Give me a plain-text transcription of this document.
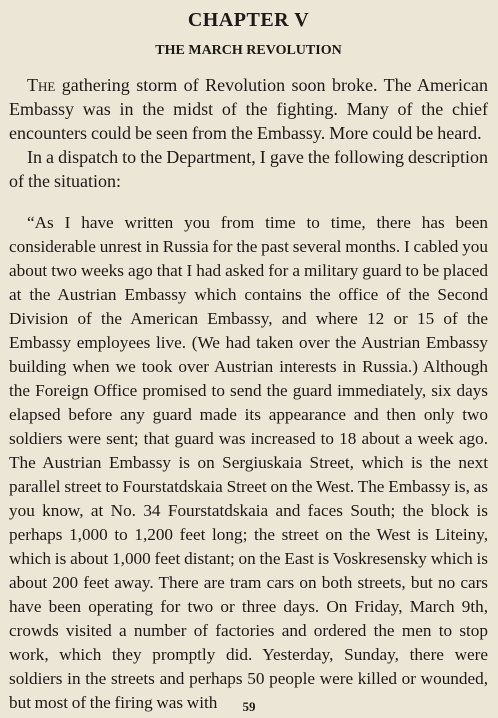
CHAPTER V
THE MARCH REVOLUTION

The gathering storm of Revolution soon broke. The American Embassy was in the midst of the fighting. Many of the chief encounters could be seen from the Embassy. More could be heard.

In a dispatch to the Department, I gave the following description of the situation:

“As I have written you from time to time, there has been considerable unrest in Russia for the past several months. I cabled you about two weeks ago that I had asked for a military guard to be placed at the Austrian Embassy which contains the office of the Second Division of the American Embassy, and where 12 or 15 of the Embassy employees live. (We had taken over the Austrian Embassy building when we took over Austrian interests in Russia.) Although the Foreign Office promised to send the guard immediately, six days elapsed before any guard made its appearance and then only two soldiers were sent; that guard was increased to 18 about a week ago. The Austrian Embassy is on Sergiuskaia Street, which is the next parallel street to Fourstatdskaia Street on the West. The Embassy is, as you know, at No. 34 Fourstatdskaia and faces South; the block is perhaps 1,000 to 1,200 feet long; the street on the West is Liteiny, which is about 1,000 feet distant; on the East is Voskresensky which is about 200 feet away. There are tram cars on both streets, but no cars have been operating for two or three days. On Friday, March 9th, crowds visited a number of factories and ordered the men to stop work, which they promptly did. Yesterday, Sunday, there were soldiers in the streets and perhaps 50 people were killed or wounded, but most of the firing was with	59
